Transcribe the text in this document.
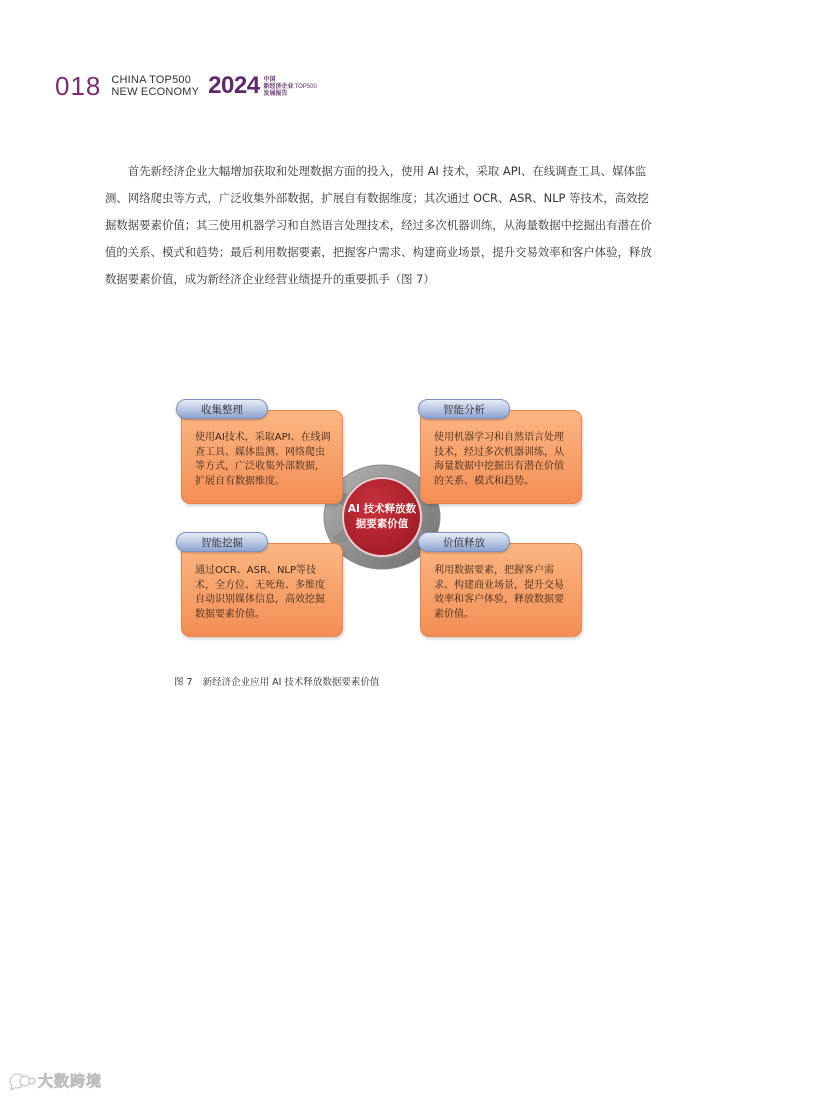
018 CHINA TOP500
NEW ECONOMY 2024 中国
新经济企业
发展报告
TOP500

首先新经济企业大幅增加获取和处理数据方面的投入，使用 AI 技术，采取 API、在线调查工具、媒体监测、网络爬虫等方式，广泛收集外部数据，扩展自有数据维度；其次通过 OCR、ASR、NLP 等技术，高效挖掘数据要素价值；其三使用机器学习和自然语言处理技术，经过多次机器训练，从海量数据中挖掘出有潜在价值的关系、模式和趋势；最后利用数据要素，把握客户需求、构建商业场景，提升交易效率和客户体验，释放数据要素价值，成为新经济企业经营业绩提升的重要抓手（图 7）

使用AI技术，采取API、在线调查工具、媒体监测、网络爬虫等方式，广泛收集外部数据，扩展自有数据维度。
使用机器学习和自然语言处理技术，经过多次机器训练，从海量数据中挖掘出有潜在价值的关系、模式和趋势。
通过OCR、ASR、NLP等技术，全方位、无死角、多维度自动识别媒体信息，高效挖掘数据要素价值。
利用数据要素，把握客户需求、构建商业场景，提升交易效率和客户体验，释放数据要素价值。
收集整理	智能分析
智能挖掘	价值释放
AI 技术释放数
据要素价值
图 7 新经济企业应用 AI 技术释放数据要素价值
大数跨境
